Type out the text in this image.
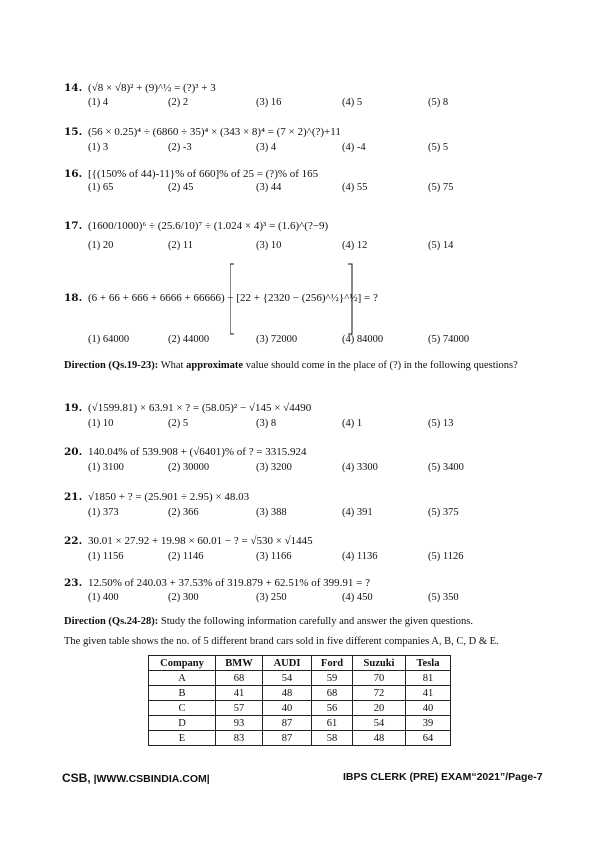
14. (√8 × √8)² + (9)^½ = (?)³ + 3
(1) 4	(2) 2	(3) 16	(4) 5	(5) 8
15. (56 × 0.25)⁴ ÷ (6860 ÷ 35)⁴ × (343 × 8)⁴ = (7 × 2)^(?)+11
(1) 3	(2) -3	(3) 4	(4) -4	(5) 5
16. [{(150% of 44)-11}% of 660]% of 25 = (?)% of 165
(1) 65	(2) 45	(3) 44	(4) 55	(5) 75
17. (1600/1000)⁶ ÷ (25.6/10)⁷ ÷ (1.024 × 4)³ = (1.6)^(?−9)
(1) 20	(2) 11	(3) 10	(4) 12	(5) 14
18. (6 + 66 + 666 + 6666 + 66666) − [22 + {2320 − (256)^½}^½] = ?
(1) 64000	(2) 44000	(3) 72000	(4) 84000	(5) 74000
Direction (Qs.19-23): What approximate value should come in the place of (?) in the following questions?
19. (√1599.81) × 63.91 × ? = (58.05)² − √145 × √4490
(1) 10	(2) 5	(3) 8	(4) 1	(5) 13
20. 140.04% of 539.908 + (√6401)% of ? = 3315.924
(1) 3100	(2) 30000	(3) 3200	(4) 3300	(5) 3400
21. √1850 + ? = (25.901 ÷ 2.95) × 48.03
(1) 373	(2) 366	(3) 388	(4) 391	(5) 375
22. 30.01 × 27.92 + 19.98 × 60.01 − ? = √530 × √1445
(1) 1156	(2) 1146	(3) 1166	(4) 1136	(5) 1126
23. 12.50% of 240.03 + 37.53% of 319.879 + 62.51% of 399.91 = ?
(1) 400	(2) 300	(3) 250	(4) 450	(5) 350
Direction (Qs.24-28): Study the following information carefully and answer the given questions.
The given table shows the no. of 5 different brand cars sold in five different companies A, B, C, D & E.
Company	BMW	AUDI	Ford	Suzuki	Tesla
A	68	54	59	70	81
B	41	48	68	72	41
C	57	40	56	20	40
D	93	87	61	54	39
E	83	87	58	48	64
CSB, |WWW.CSBINDIA.COM|	IBPS CLERK (PRE) EXAM“2021”/Page-7
